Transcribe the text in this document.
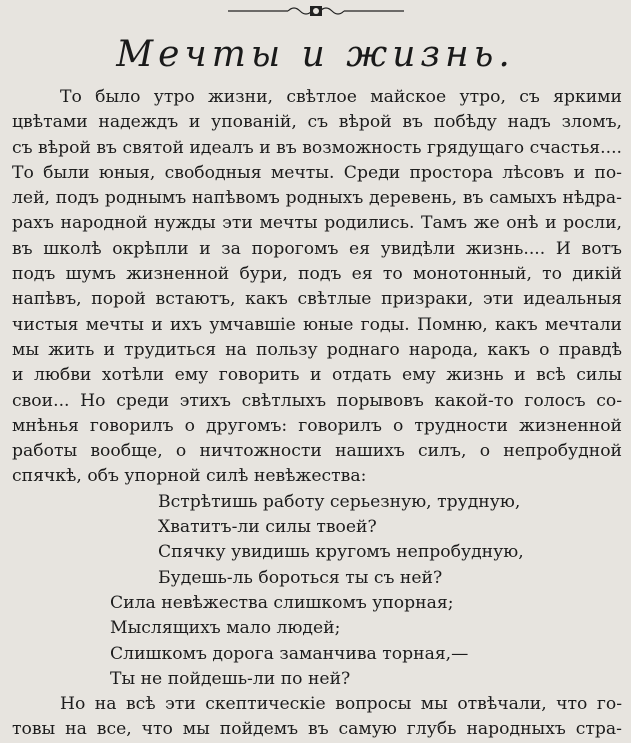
Мечты и жизнь.
То было утро жизни, свѣтлое майское утро, съ яркими
цвѣтами надеждъ и упованій, съ вѣрой въ побѣду надъ зломъ,
съ вѣрой въ святой идеалъ и въ возможность грядущаго счастья....
То были юныя, свободныя мечты. Среди простора лѣсовъ и по-
лей, подъ роднымъ напѣвомъ родныхъ деревень, въ самыхъ нѣдра-
рахъ народной нужды эти мечты родились. Тамъ же онѣ и росли,
въ школѣ окрѣпли и за порогомъ ея увидѣли жизнь.... И вотъ
подъ шумъ жизненной бури, подъ ея то монотонный, то дикій
напѣвъ, порой встаютъ, какъ свѣтлые призраки, эти идеальныя
чистыя мечты и ихъ умчавшіе юные годы. Помню, какъ мечтали
мы жить и трудиться на пользу роднаго народа, какъ о правдѣ
и любви хотѣли ему говорить и отдать ему жизнь и всѣ силы
свои... Но среди этихъ свѣтлыхъ порывовъ какой-то голосъ со-
мнѣнья говорилъ о другомъ: говорилъ о трудности жизненной
работы вообще, о ничтожности нашихъ силъ, о непробудной
спячкѣ, объ упорной силѣ невѣжества:
Встрѣтишь работу серьезную, трудную,
Хватитъ-ли силы твоей?
Спячку увидишь кругомъ непробудную,
Будешь-ль бороться ты съ ней?
Сила невѣжества слишкомъ упорная;
Мыслящихъ мало людей;
Слишкомъ дорога заманчива торная,—
Ты не пойдешь-ли по ней?
Но на всѣ эти скептическіе вопросы мы отвѣчали, что го-
товы на все, что мы пойдемъ въ самую глубь народныхъ стра-
